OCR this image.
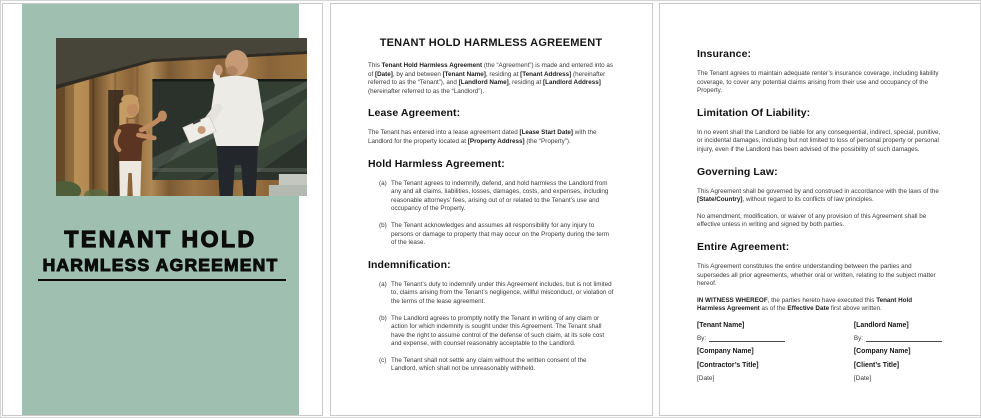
TENANT HOLD
HARMLESS AGREEMENT
TENANT HOLD HARMLESS AGREEMENT

This Tenant Hold Harmless Agreement (the “Agreement”) is made and entered into as of [Date], by and between [Tenant Name], residing at [Tenant Address] (hereinafter referred to as the “Tenant”), and [Landlord Name], residing at [Landlord Address] (hereinafter referred to as the “Landlord”).

Lease Agreement:

The Tenant has entered into a lease agreement dated [Lease Start Date] with the Landlord for the property located at [Property Address] (the “Property”).

Hold Harmless Agreement:
(a) The Tenant agrees to indemnify, defend, and hold harmless the Landlord from any and all claims, liabilities, losses, damages, costs, and expenses, including reasonable attorneys’ fees, arising out of or related to the Tenant’s use and occupancy of the Property.
(b) The Tenant acknowledges and assumes all responsibility for any injury to persons or damage to property that may occur on the Property during the term of the lease.
Indemnification:
(a) The Tenant’s duty to indemnify under this Agreement includes, but is not limited to, claims arising from the Tenant’s negligence, willful misconduct, or violation of the terms of the lease agreement.
(b) The Landlord agrees to promptly notify the Tenant in writing of any claim or action for which indemnity is sought under this Agreement. The Tenant shall have the right to assume control of the defense of such claim, at its sole cost and expense, with counsel reasonably acceptable to the Landlord.
(c) The Tenant shall not settle any claim without the written consent of the Landlord, which shall not be unreasonably withheld.
Insurance:

The Tenant agrees to maintain adequate renter’s insurance coverage, including liability coverage, to cover any potential claims arising from their use and occupancy of the Property.

Limitation Of Liability:

In no event shall the Landlord be liable for any consequential, indirect, special, punitive, or incidental damages, including but not limited to loss of personal property or personal injury, even if the Landlord has been advised of the possibility of such damages.

Governing Law:

This Agreement shall be governed by and construed in accordance with the laws of the [State/Country], without regard to its conflicts of law principles.

No amendment, modification, or waiver of any provision of this Agreement shall be effective unless in writing and signed by both parties.

Entire Agreement:

This Agreement constitutes the entire understanding between the parties and supersedes all prior agreements, whether oral or written, relating to the subject matter hereof.

IN WITNESS WHEREOF, the parties hereto have executed this Tenant Hold Harmless Agreement as of the Effective Date first above written.

[Tenant Name]
By:
[Company Name]
[Contractor’s Title]
[Date]
[Landlord Name]
By:
[Company Name]
[Client’s Title]
[Date]
